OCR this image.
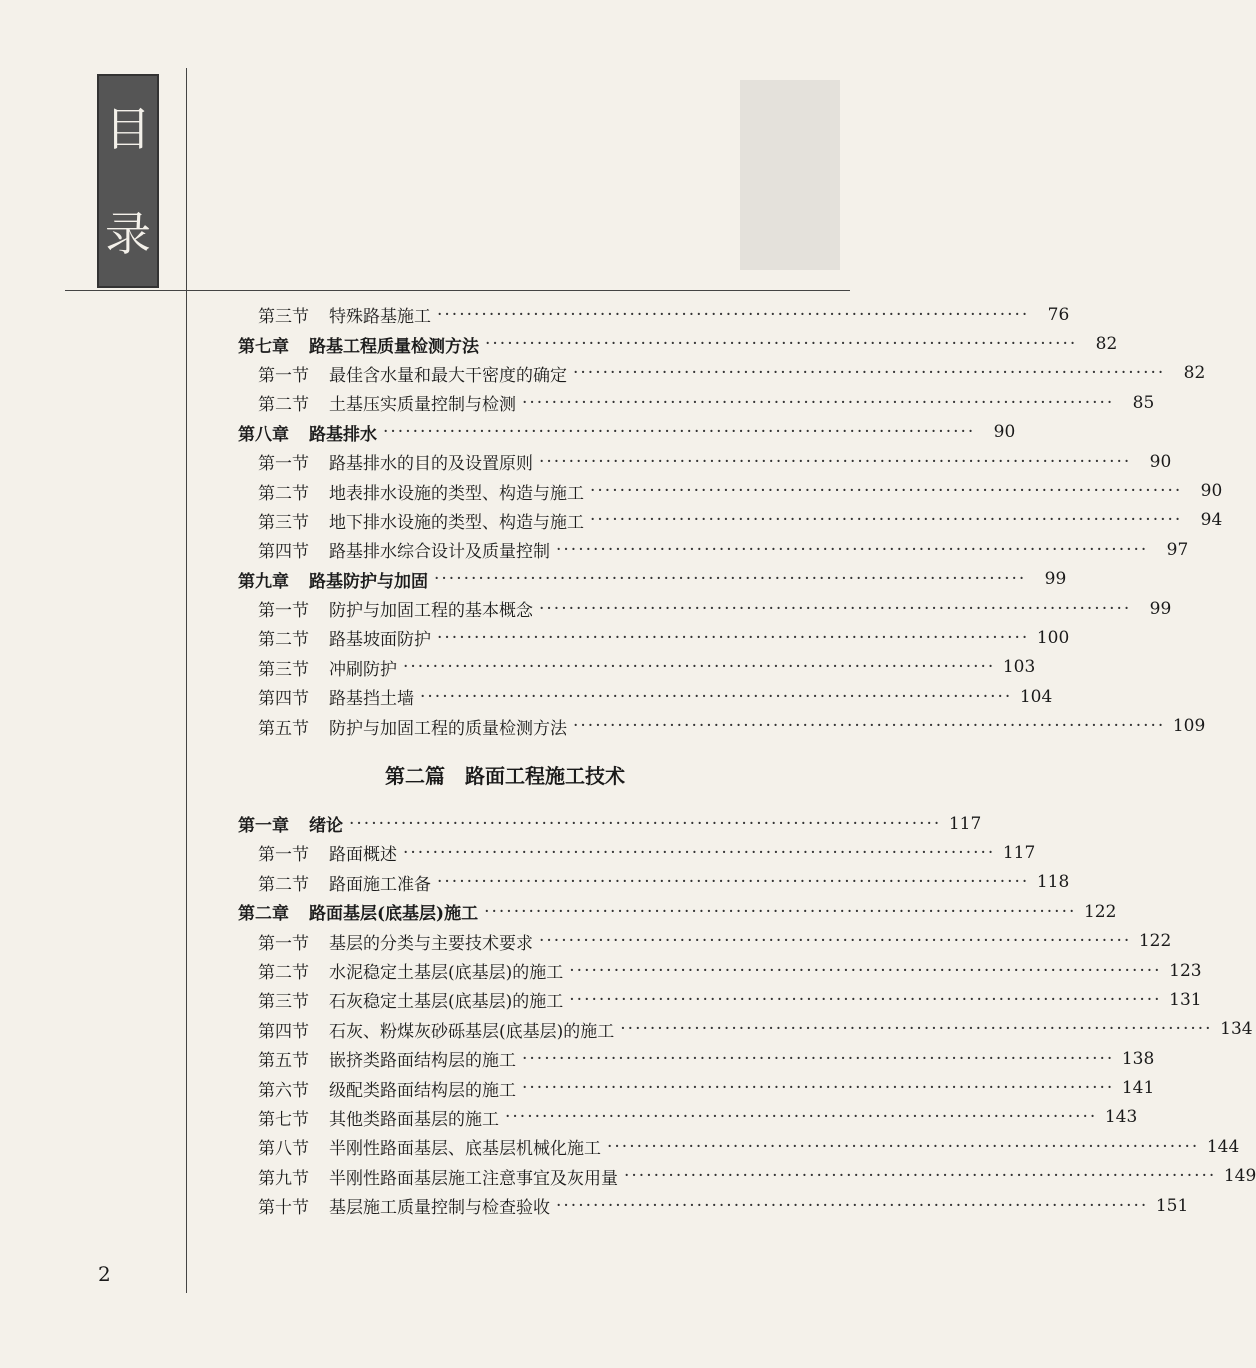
目
录
第三节 特殊路基施工 ················································································	76
第七章 路基工程质量检测方法 ················································································	82
第一节 最佳含水量和最大干密度的确定 ················································································	82
第二节 土基压实质量控制与检测 ················································································	85
第八章 路基排水 ················································································	90
第一节 路基排水的目的及设置原则 ················································································	90
第二节 地表排水设施的类型、构造与施工 ················································································	90
第三节 地下排水设施的类型、构造与施工 ················································································	94
第四节 路基排水综合设计及质量控制 ················································································	97
第九章 路基防护与加固 ················································································	99
第一节 防护与加固工程的基本概念 ················································································	99
第二节 路基坡面防护 ················································································ 100
第三节 冲刷防护 ················································································ 103
第四节 路基挡土墙 ················································································ 104
第五节 防护与加固工程的质量检测方法 ················································································ 109
第二篇 路面工程施工技术
第一章 绪论 ················································································ 117
第一节 路面概述 ················································································ 117
第二节 路面施工准备 ················································································ 118
第二章 路面基层(底基层)施工 ················································································ 122
第一节 基层的分类与主要技术要求 ················································································ 122
第二节 水泥稳定土基层(底基层)的施工 ················································································ 123
第三节 石灰稳定土基层(底基层)的施工 ················································································ 131
第四节 石灰、粉煤灰砂砾基层(底基层)的施工 ················································································ 134
第五节 嵌挤类路面结构层的施工 ················································································ 138
第六节 级配类路面结构层的施工 ················································································ 141
第七节 其他类路面基层的施工 ················································································ 143
第八节 半刚性路面基层、底基层机械化施工 ················································································ 144
第九节 半刚性路面基层施工注意事宜及灰用量 ················································································ 149
第十节 基层施工质量控制与检查验收 ················································································ 151
2
